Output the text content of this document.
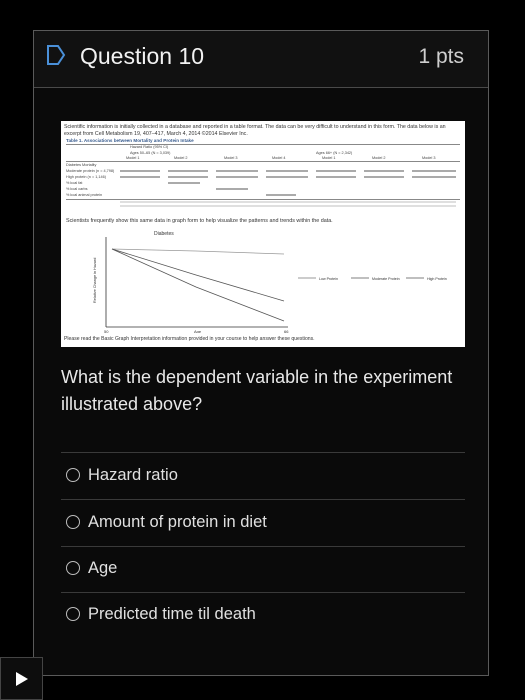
Question 10	1 pts
Scientific information is initially collected in a database and reported in a table format. The data can be very difficult to understand in this form. The data below is an excerpt from Cell Metabolism 19, 407–417, March 4, 2014 ©2014 Elsevier Inc.
Table 1. Associations between Mortality and Protein Intake
Hazard Ratio (95% CI)
Ages 50–65 (N = 3,039)	Ages 66+ (N = 2,342)
Model 1	Model 2	Model 3	Model 4	Model 1	Model 2	Model 3
Diabetes Mortality
Moderate protein (n = 4,798)
High protein (n = 1,146)
% kcal fat
% kcal carbs
% kcal animal protein
Scientists frequently show this same data in graph form to help visualize the patterns and trends within the data.
Diabetes
Relative Change in Hazard
50	Age	66
Low Protein	Moderate Protein	High Protein
Please read the Basic Graph Interpretation information provided in your course to help answer these questions.
What is the dependent variable in the experiment illustrated above?
Hazard ratio
Amount of protein in diet
Age
Predicted time til death
